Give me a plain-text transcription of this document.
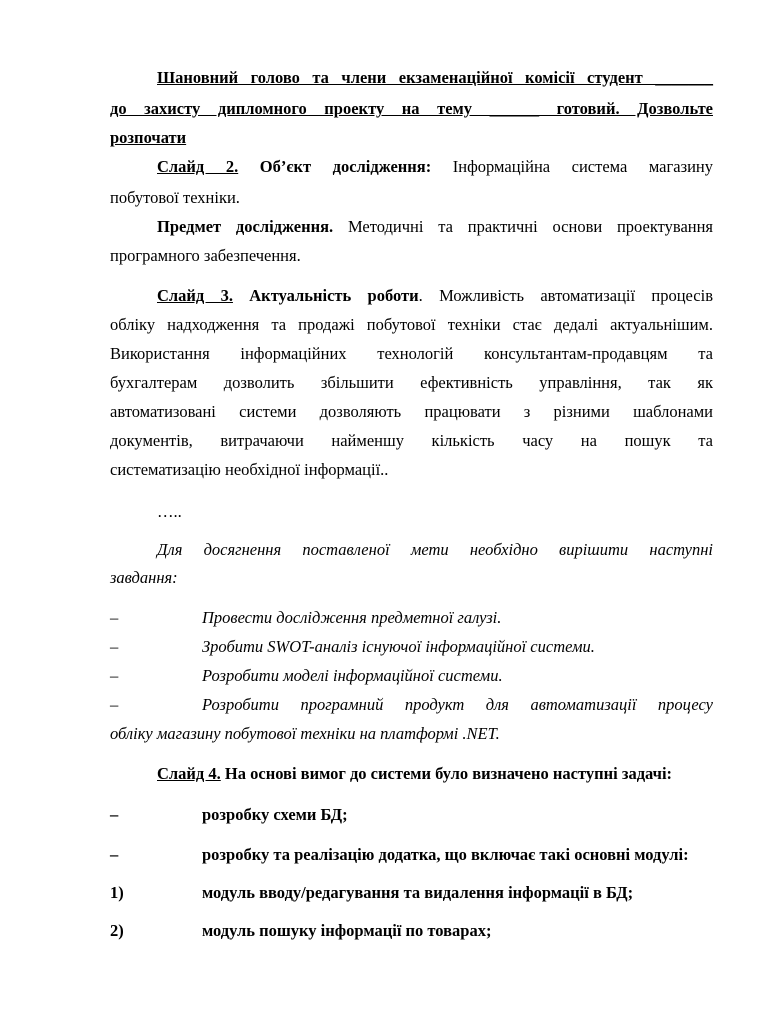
Шановний голово та члени екзаменаційної комісії студент _______
до захисту дипломного проекту на тему ______ готовий. Дозвольте
розпочати
Слайд 2. Об’єкт дослідження: Інформаційна система магазину
побутової техніки.
Предмет дослідження. Методичні та практичні основи проектування
програмного забезпечення.
Слайд 3. Актуальність роботи. Можливість автоматизації процесів
обліку надходження та продажі побутової техніки стає дедалі актуальнішим.
Використання інформаційних технологій консультантам-продавцям та
бухгалтерам дозволить збільшити ефективність управління, так як
автоматизовані системи дозволяють працювати з різними шаблонами
документів, витрачаючи найменшу кількість часу на пошук та
систематизацію необхідної інформації..
…..
Для досягнення поставленої мети необхідно вирішити наступні
завдання:
–	Провести дослідження предметної галузі.
–	Зробити SWOT-аналіз існуючої інформаційної системи.
–	Розробити моделі інформаційної системи.
–	Розробити програмний продукт для автоматизації процесу
обліку магазину побутової техніки на платформі .NET.
Слайд 4. На основі вимог до системи було визначено наступні задачі:
–	розробку схеми БД;
–	розробку та реалізацію додатка, що включає такі основні модулі:
1)	модуль вводу/редагування та видалення інформації в БД;
2)	модуль пошуку інформації по товарах;
